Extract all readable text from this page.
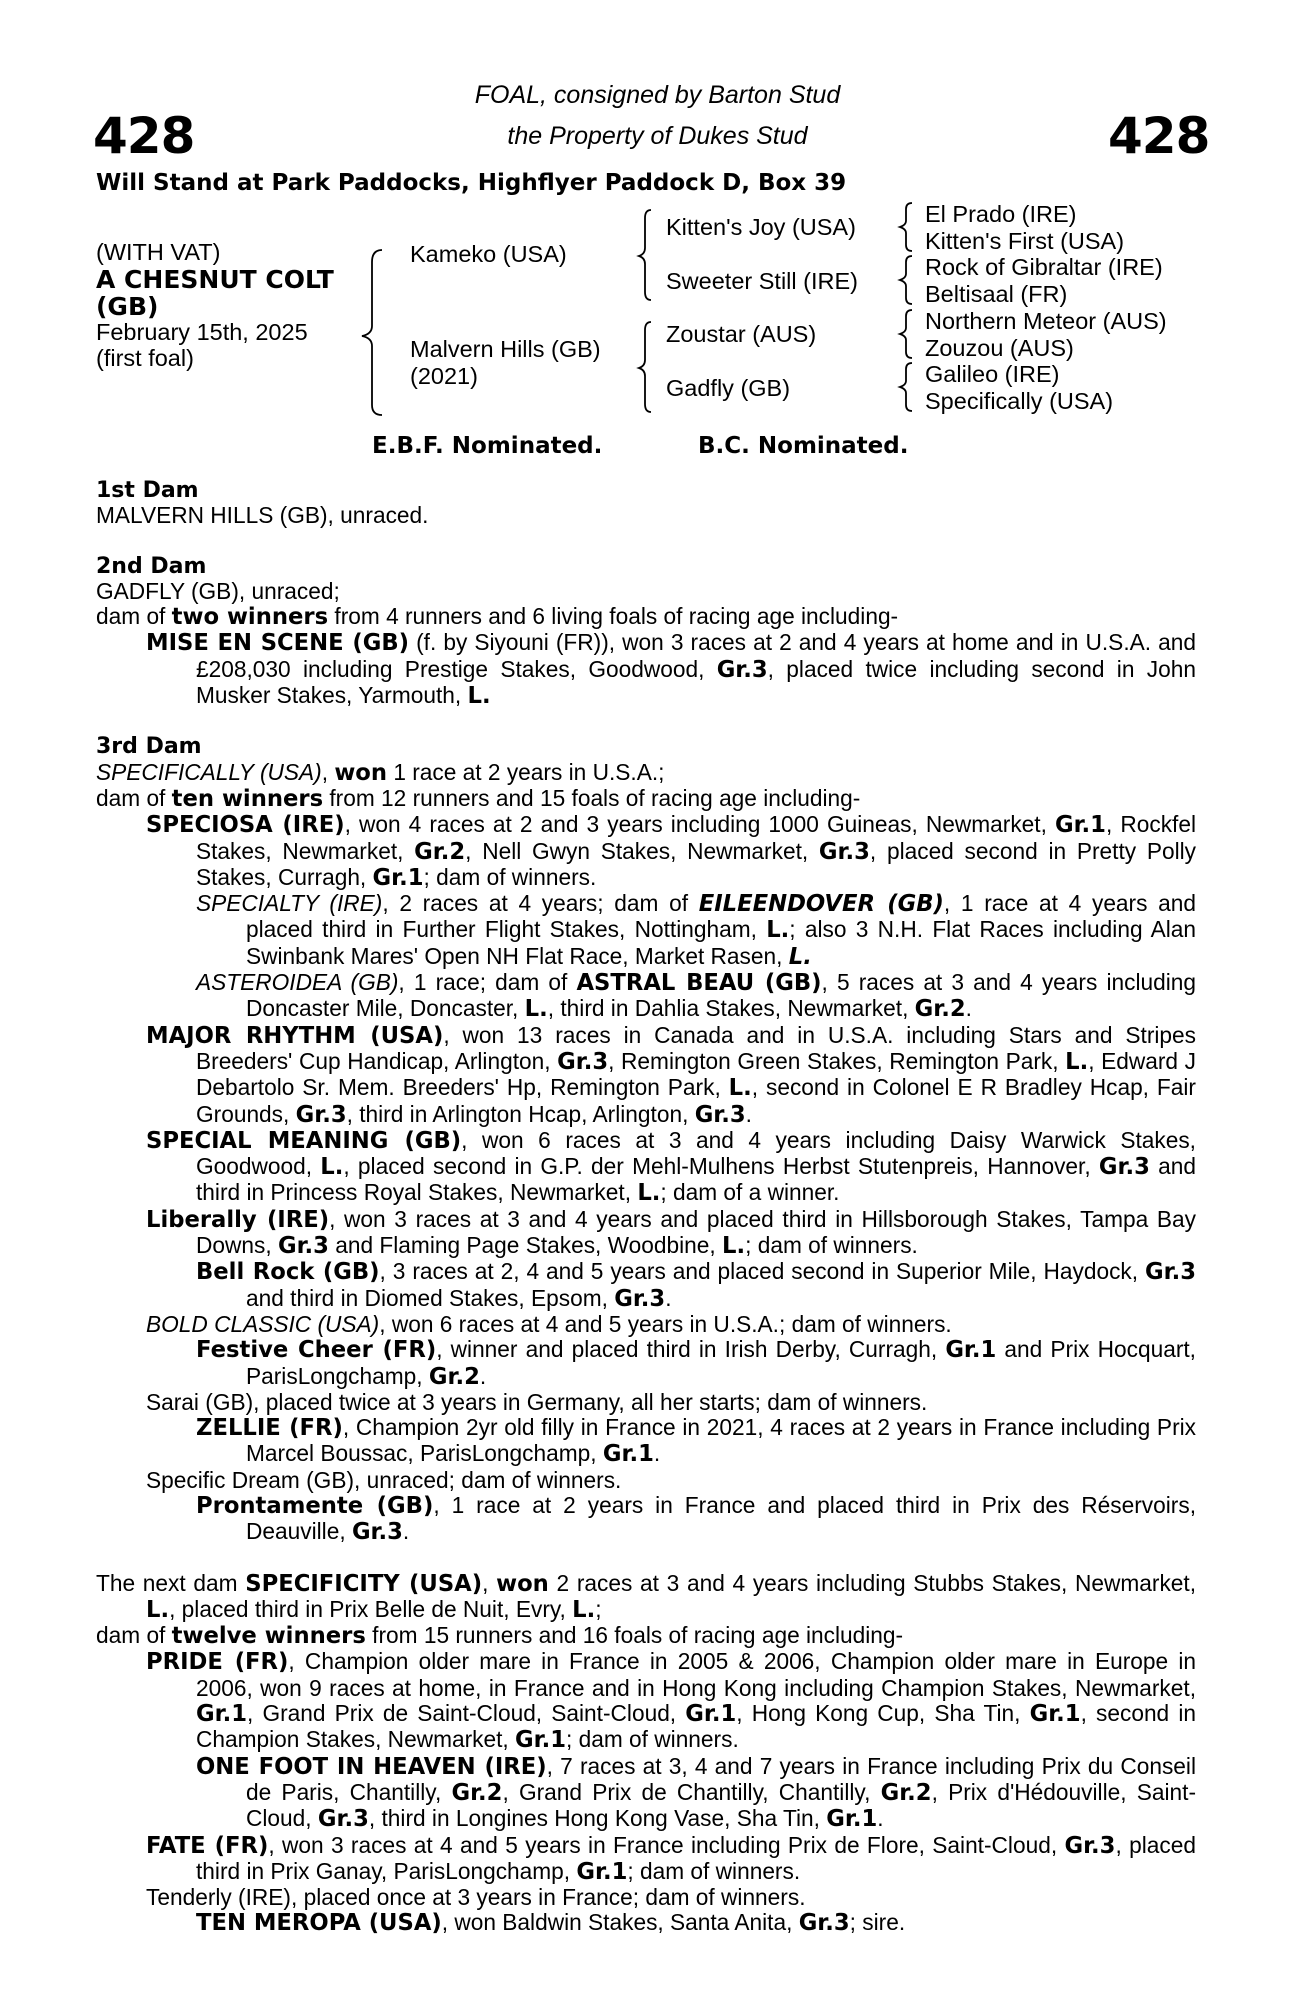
428	428
FOAL, consigned by Barton Stud
the Property of Dukes Stud
Will Stand at Park Paddocks, Highflyer Paddock D, Box 39
(WITH VAT)
A CHESNUT COLT
(GB)
February 15th, 2025
(first foal)
Kameko (USA)
Malvern Hills (GB)
(2021)
Kitten's Joy (USA)
Sweeter Still (IRE)
Zoustar (AUS)
Gadfly (GB)
El Prado (IRE)
Kitten's First (USA)
Rock of Gibraltar (IRE)
Beltisaal (FR)
Northern Meteor (AUS)
Zouzou (AUS)
Galileo (IRE)
Specifically (USA)
E.B.F. Nominated.	B.C. Nominated.
1st Dam
MALVERN HILLS (GB), unraced.
2nd Dam
GADFLY (GB), unraced;
dam of two winners from 4 runners and 6 living foals of racing age including-
MISE EN SCENE (GB) (f. by Siyouni (FR)), won 3 races at 2 and 4 years at home and in U.S.A. and £208,030 including Prestige Stakes, Goodwood, Gr.3, placed twice including second in John Musker Stakes, Yarmouth, L.
3rd Dam
SPECIFICALLY (USA), won 1 race at 2 years in U.S.A.;
dam of ten winners from 12 runners and 15 foals of racing age including-
SPECIOSA (IRE), won 4 races at 2 and 3 years including 1000 Guineas, Newmarket, Gr.1, Rockfel Stakes, Newmarket, Gr.2, Nell Gwyn Stakes, Newmarket, Gr.3, placed second in Pretty Polly Stakes, Curragh, Gr.1; dam of winners.
SPECIALTY (IRE), 2 races at 4 years; dam of EILEENDOVER (GB), 1 race at 4 years and placed third in Further Flight Stakes, Nottingham, L.; also 3 N.H. Flat Races including Alan Swinbank Mares' Open NH Flat Race, Market Rasen, L.
ASTEROIDEA (GB), 1 race; dam of ASTRAL BEAU (GB), 5 races at 3 and 4 years including Doncaster Mile, Doncaster, L., third in Dahlia Stakes, Newmarket, Gr.2.
MAJOR RHYTHM (USA), won 13 races in Canada and in U.S.A. including Stars and Stripes Breeders' Cup Handicap, Arlington, Gr.3, Remington Green Stakes, Remington Park, L., Edward J Debartolo Sr. Mem. Breeders' Hp, Remington Park, L., second in Colonel E R Bradley Hcap, Fair Grounds, Gr.3, third in Arlington Hcap, Arlington, Gr.3.
SPECIAL MEANING (GB), won 6 races at 3 and 4 years including Daisy Warwick Stakes, Goodwood, L., placed second in G.P. der Mehl-Mulhens Herbst Stutenpreis, Hannover, Gr.3 and third in Princess Royal Stakes, Newmarket, L.; dam of a winner.
Liberally (IRE), won 3 races at 3 and 4 years and placed third in Hillsborough Stakes, Tampa Bay Downs, Gr.3 and Flaming Page Stakes, Woodbine, L.; dam of winners.
Bell Rock (GB), 3 races at 2, 4 and 5 years and placed second in Superior Mile, Haydock, Gr.3 and third in Diomed Stakes, Epsom, Gr.3.
BOLD CLASSIC (USA), won 6 races at 4 and 5 years in U.S.A.; dam of winners.
Festive Cheer (FR), winner and placed third in Irish Derby, Curragh, Gr.1 and Prix Hocquart, ParisLongchamp, Gr.2.
Sarai (GB), placed twice at 3 years in Germany, all her starts; dam of winners.
ZELLIE (FR), Champion 2yr old filly in France in 2021, 4 races at 2 years in France including Prix Marcel Boussac, ParisLongchamp, Gr.1.
Specific Dream (GB), unraced; dam of winners.
Prontamente (GB), 1 race at 2 years in France and placed third in Prix des Réservoirs, Deauville, Gr.3.
The next dam SPECIFICITY (USA), won 2 races at 3 and 4 years including Stubbs Stakes, Newmarket, L., placed third in Prix Belle de Nuit, Evry, L.;
dam of twelve winners from 15 runners and 16 foals of racing age including-
PRIDE (FR), Champion older mare in France in 2005 & 2006, Champion older mare in Europe in 2006, won 9 races at home, in France and in Hong Kong including Champion Stakes, Newmarket, Gr.1, Grand Prix de Saint-Cloud, Saint-Cloud, Gr.1, Hong Kong Cup, Sha Tin, Gr.1, second in Champion Stakes, Newmarket, Gr.1; dam of winners.
ONE FOOT IN HEAVEN (IRE), 7 races at 3, 4 and 7 years in France including Prix du Conseil de Paris, Chantilly, Gr.2, Grand Prix de Chantilly, Chantilly, Gr.2, Prix d'Hédouville, Saint-Cloud, Gr.3, third in Longines Hong Kong Vase, Sha Tin, Gr.1.
FATE (FR), won 3 races at 4 and 5 years in France including Prix de Flore, Saint-Cloud, Gr.3, placed third in Prix Ganay, ParisLongchamp, Gr.1; dam of winners.
Tenderly (IRE), placed once at 3 years in France; dam of winners.
TEN MEROPA (USA), won Baldwin Stakes, Santa Anita, Gr.3; sire.
